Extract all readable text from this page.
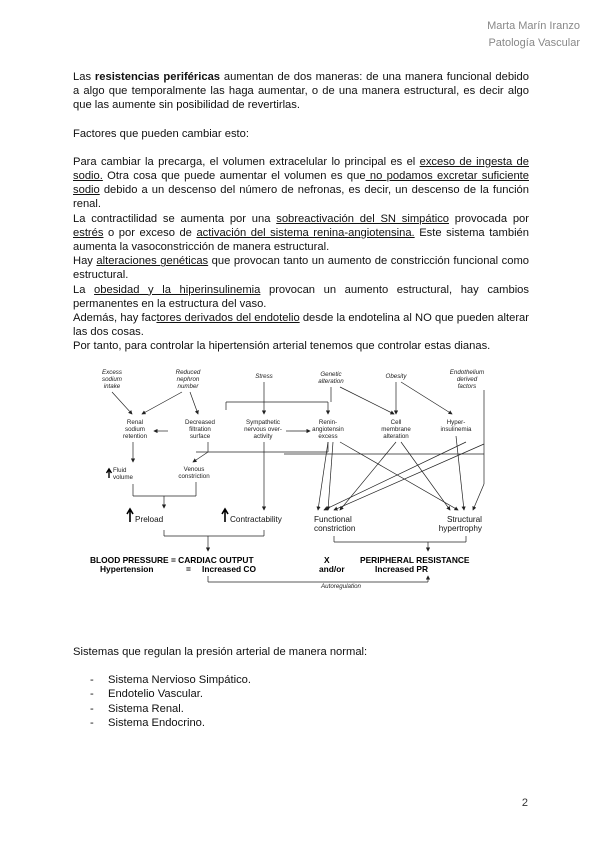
Marta Marín Iranzo
Patología Vascular

Las resistencias periféricas aumentan de dos maneras: de una manera funcional debido a algo que temporalmente las haga aumentar, o de una manera estructural, es decir algo que las aumente sin posibilidad de revertirlas.

Factores que pueden cambiar esto:

Para cambiar la precarga, el volumen extracelular lo principal es el exceso de ingesta de sodio. Otra cosa que puede aumentar el volumen es que no podamos excretar suficiente sodio debido a un descenso del número de nefronas, es decir, un descenso de la función renal.

La contractilidad se aumenta por una sobreactivación del SN simpático provocada por estrés o por exceso de activación del sistema renina-angiotensina. Este sistema también aumenta la vasoconstricción de manera estructural.

Hay alteraciones genéticas que provocan tanto un aumento de constricción funcional como estructural.

La obesidad y la hiperinsulinemia provocan un aumento estructural, hay cambios permanentes en la estructura del vaso.

Además, hay factores derivados del endotelio desde la endotelina al NO que pueden alterar las dos cosas.

Por tanto, para controlar la hipertensión arterial tenemos que controlar estas dianas.

Excess
sodium
intake
Reduced
nephron
number
Stress	Genetic
alteration
Obesity
Endothelium
derived
factors
Renal
sodium
retention
Decreased
filtration
surface
Sympathetic
nervous over-
activity
Renin-
angiotensin
excess
Cell
membrane
alteration
Hyper-
insulinemia
Fluid
volume
Venous
constriction
Preload	Contractability	Functional
constriction
Structural
hypertrophy
BLOOD PRESSURE = CARDIAC OUTPUT	X	PERIPHERAL RESISTANCE
Hypertension	= Increased CO	and/or	Increased PR
Autoregulation
Sistemas que regulan la presión arterial de manera normal:
- Sistema Nervioso Simpático.
- Endotelio Vascular.
- Sistema Renal.
- Sistema Endocrino.
2
